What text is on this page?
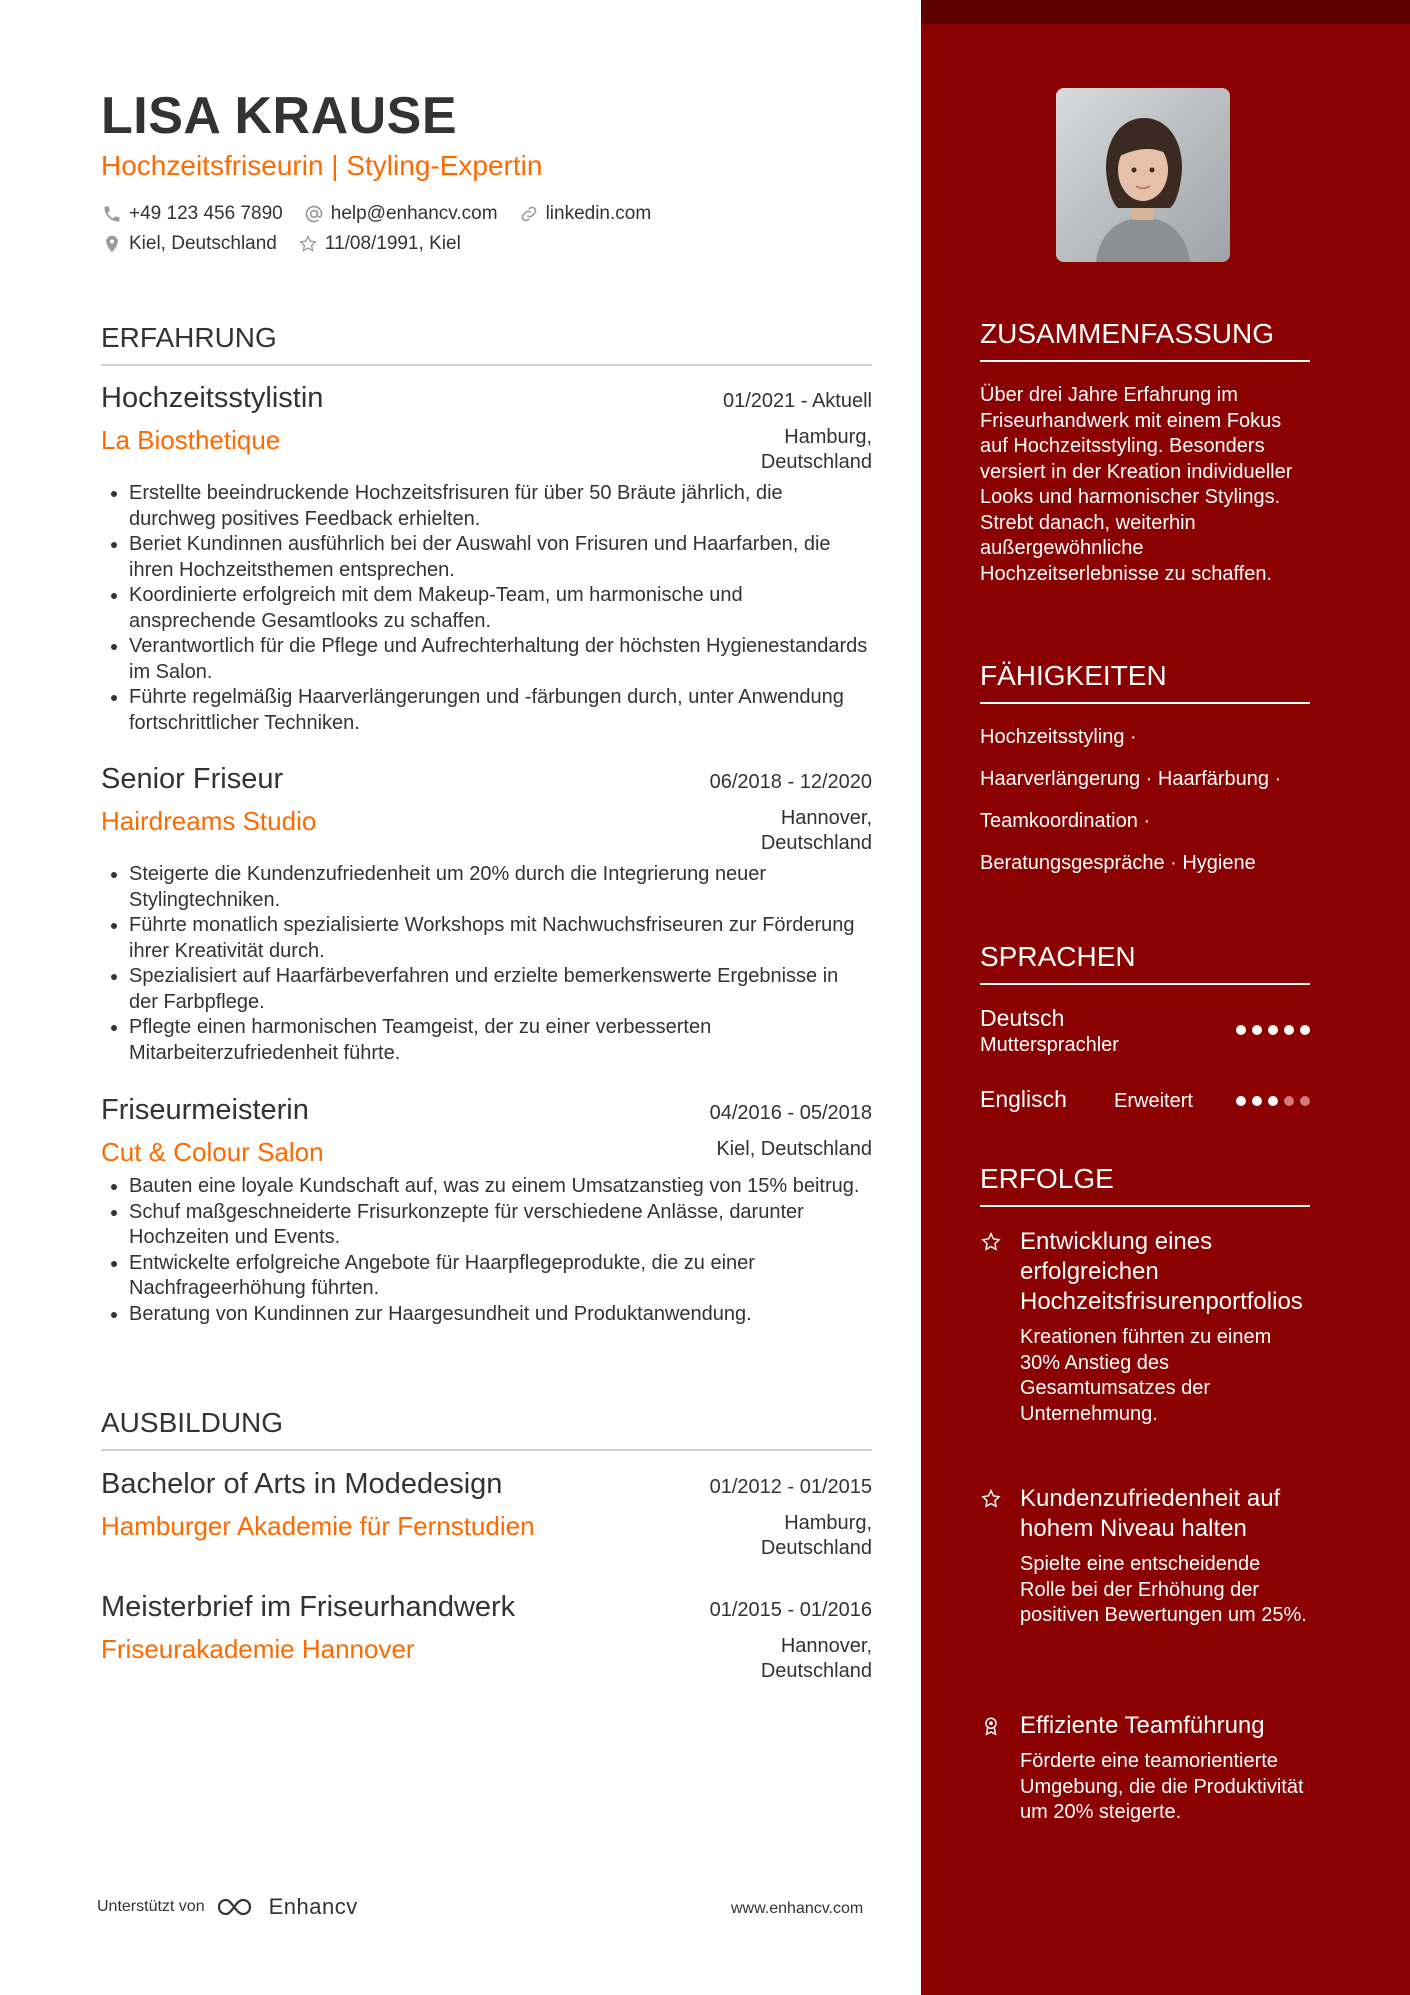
LISA KRAUSE
Hochzeitsfriseurin | Styling-Expertin
+49 123 456 7890	help@enhancv.com	linkedin.com
Kiel, Deutschland	11/08/1991, Kiel
ERFAHRUNG
Hochzeitsstylistin	01/2021 - Aktuell
La Biosthetique	Hamburg,
Deutschland
• Erstellte beeindruckende Hochzeitsfrisuren für über 50 Bräute jährlich, die durchweg positives Feedback erhielten.
• Beriet Kundinnen ausführlich bei der Auswahl von Frisuren und Haarfarben, die ihren Hochzeitsthemen entsprechen.
• Koordinierte erfolgreich mit dem Makeup-Team, um harmonische und ansprechende Gesamtlooks zu schaffen.
• Verantwortlich für die Pflege und Aufrechterhaltung der höchsten Hygienestandards im Salon.
• Führte regelmäßig Haarverlängerungen und -färbungen durch, unter Anwendung fortschrittlicher Techniken.
Senior Friseur	06/2018 - 12/2020
Hairdreams Studio	Hannover,
Deutschland
• Steigerte die Kundenzufriedenheit um 20% durch die Integrierung neuer Stylingtechniken.
• Führte monatlich spezialisierte Workshops mit Nachwuchsfriseuren zur Förderung ihrer Kreativität durch.
• Spezialisiert auf Haarfärbeverfahren und erzielte bemerkenswerte Ergebnisse in der Farbpflege.
• Pflegte einen harmonischen Teamgeist, der zu einer verbesserten Mitarbeiterzufriedenheit führte.
Friseurmeisterin	04/2016 - 05/2018
Cut & Colour Salon	Kiel, Deutschland
• Bauten eine loyale Kundschaft auf, was zu einem Umsatzanstieg von 15% beitrug.
• Schuf maßgeschneiderte Frisurkonzepte für verschiedene Anlässe, darunter Hochzeiten und Events.
• Entwickelte erfolgreiche Angebote für Haarpflegeprodukte, die zu einer Nachfrageerhöhung führten.
• Beratung von Kundinnen zur Haargesundheit und Produktanwendung.
AUSBILDUNG
Bachelor of Arts in Modedesign	01/2012 - 01/2015
Hamburger Akademie für Fernstudien	Hamburg,
Deutschland
Meisterbrief im Friseurhandwerk	01/2015 - 01/2016
Friseurakademie Hannover	Hannover,
Deutschland
Unterstützt von	Enhancv	www.enhancv.com
ZUSAMMENFASSUNG
Über drei Jahre Erfahrung im Friseurhandwerk mit einem Fokus auf Hochzeitsstyling. Besonders versiert in der Kreation individueller Looks und harmonischer Stylings. Strebt danach, weiterhin außergewöhnliche Hochzeitserlebnisse zu schaffen.
FÄHIGKEITEN
Hochzeitsstyling ·
Haarverlängerung · Haarfärbung ·
Teamkoordination ·
Beratungsgespräche · Hygiene
SPRACHEN
Deutsch
Muttersprachler
Englisch Erweitert
ERFOLGE
Entwicklung eines erfolgreichen Hochzeitsfrisurenportfolios
Kreationen führten zu einem 30% Anstieg des Gesamtumsatzes der Unternehmung.
Kundenzufriedenheit auf hohem Niveau halten
Spielte eine entscheidende Rolle bei der Erhöhung der positiven Bewertungen um 25%.
Effiziente Teamführung
Förderte eine teamorientierte Umgebung, die die Produktivität um 20% steigerte.
